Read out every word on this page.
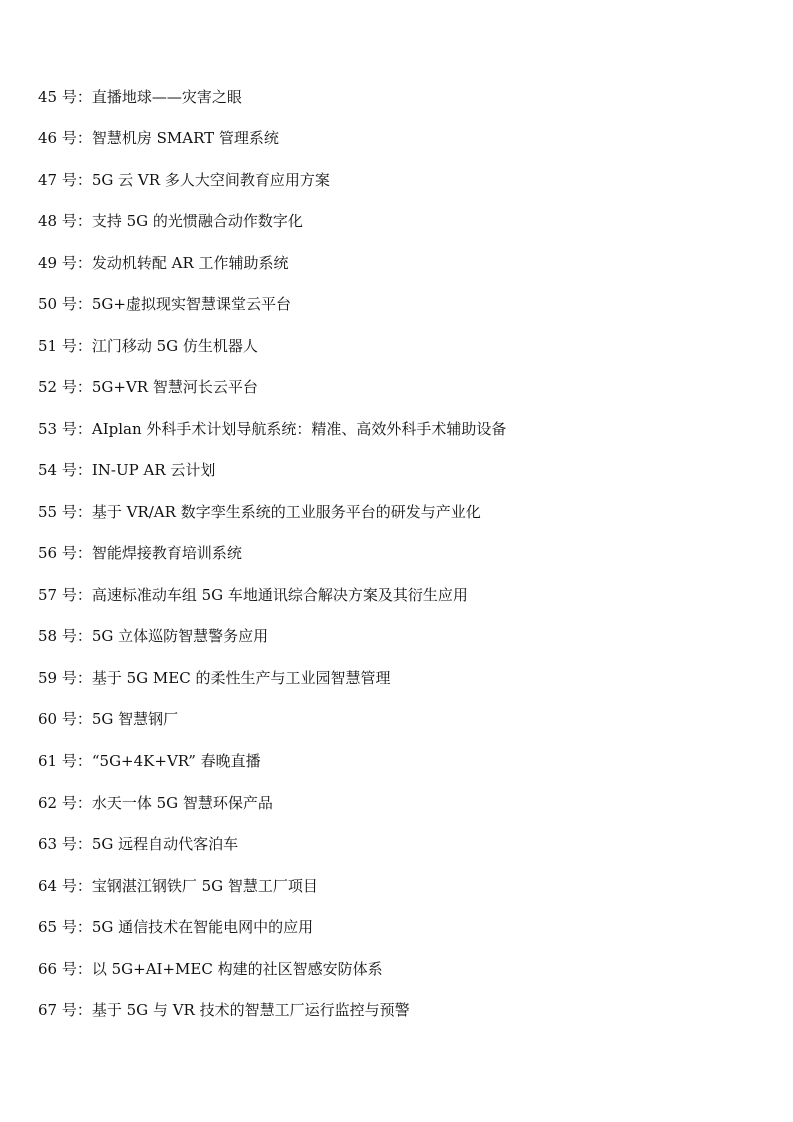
45 号：直播地球——灾害之眼
46 号：智慧机房 SMART 管理系统
47 号：5G 云 VR 多人大空间教育应用方案
48 号：支持 5G 的光惯融合动作数字化
49 号：发动机转配 AR 工作辅助系统
50 号：5G+虚拟现实智慧课堂云平台
51 号：江门移动 5G 仿生机器人
52 号：5G+VR 智慧河长云平台
53 号：AIplan 外科手术计划导航系统：精准、高效外科手术辅助设备
54 号：IN-UP AR 云计划
55 号：基于 VR/AR 数字孪生系统的工业服务平台的研发与产业化
56 号：智能焊接教育培训系统
57 号：高速标准动车组 5G 车地通讯综合解决方案及其衍生应用
58 号：5G 立体巡防智慧警务应用
59 号：基于 5G MEC 的柔性生产与工业园智慧管理
60 号：5G 智慧钢厂
61 号：“5G+4K+VR” 春晚直播
62 号：水天一体 5G 智慧环保产品
63 号：5G 远程自动代客泊车
64 号：宝钢湛江钢铁厂 5G 智慧工厂项目
65 号：5G 通信技术在智能电网中的应用
66 号：以 5G+AI+MEC 构建的社区智感安防体系
67 号：基于 5G 与 VR 技术的智慧工厂运行监控与预警
